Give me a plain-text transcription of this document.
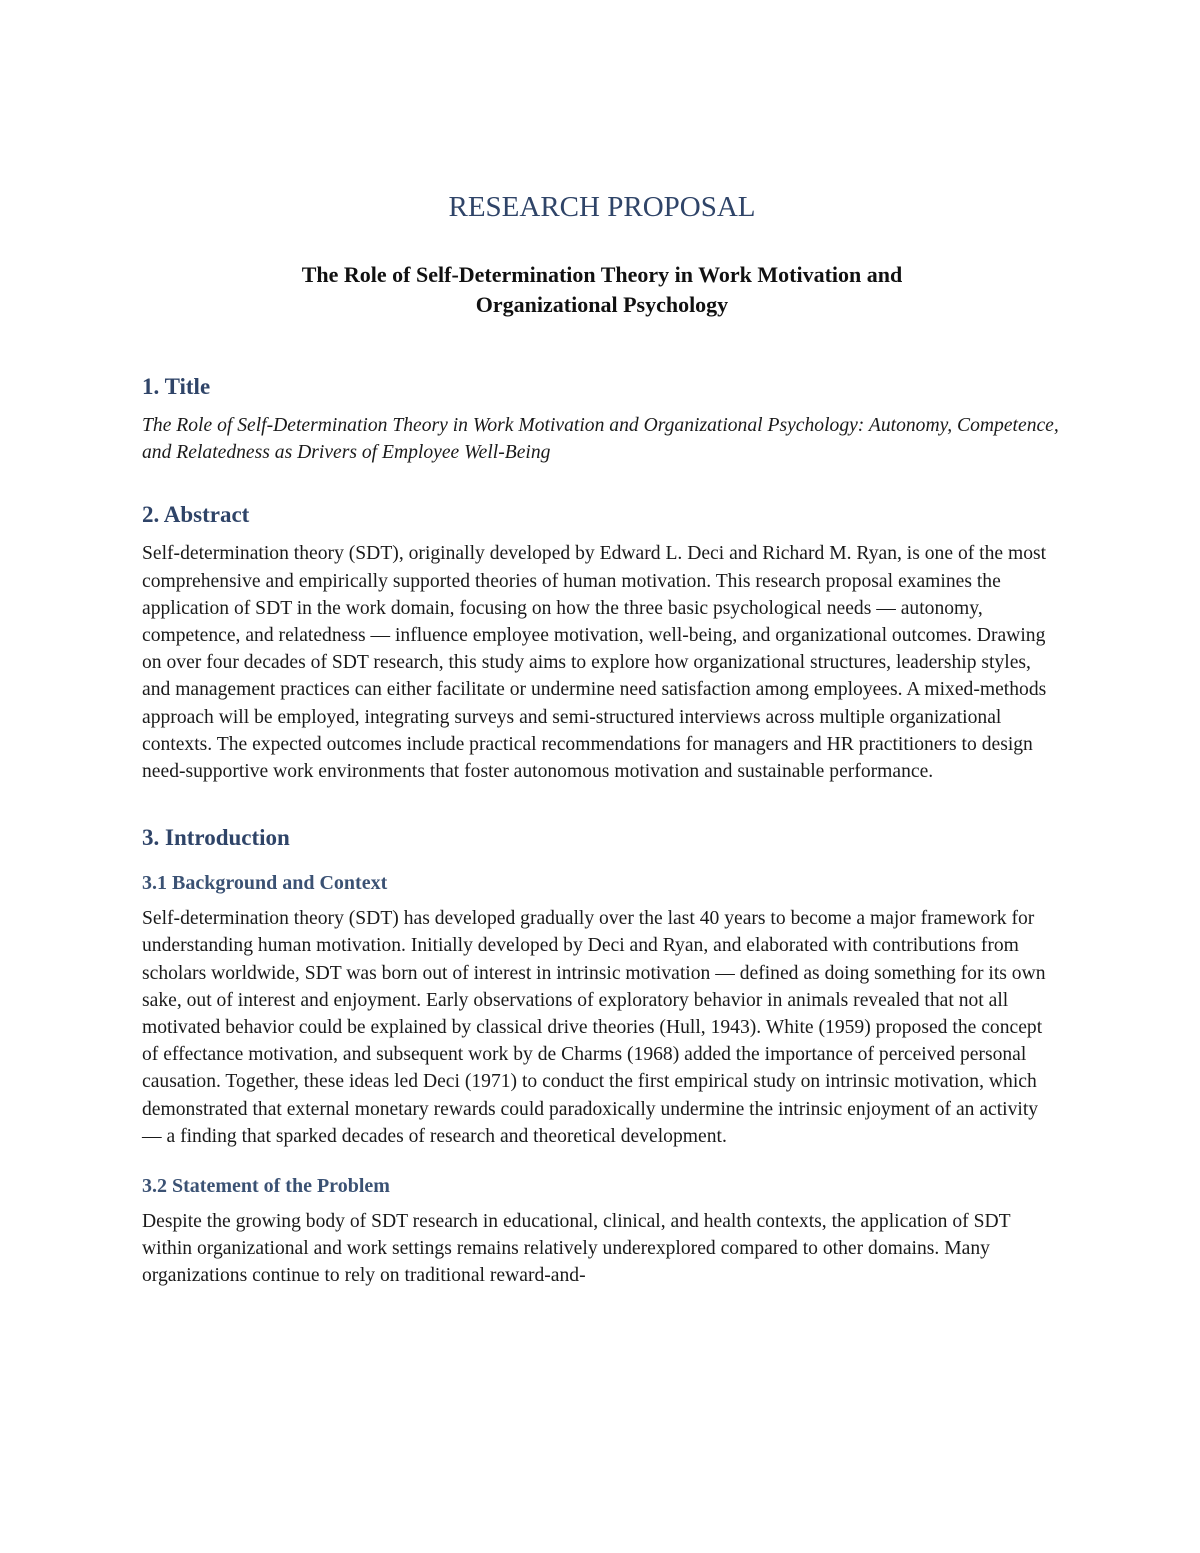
RESEARCH PROPOSAL
The Role of Self-Determination Theory in Work Motivation and
Organizational Psychology
1. Title

The Role of Self-Determination Theory in Work Motivation and Organizational Psychology: Autonomy, Competence, and Relatedness as Drivers of Employee Well-Being

2. Abstract

Self-determination theory (SDT), originally developed by Edward L. Deci and Richard M. Ryan, is one of the most comprehensive and empirically supported theories of human motivation. This research proposal examines the application of SDT in the work domain, focusing on how the three basic psychological needs — autonomy, competence, and relatedness — influence employee motivation, well-being, and organizational outcomes. Drawing on over four decades of SDT research, this study aims to explore how organizational structures, leadership styles, and management practices can either facilitate or undermine need satisfaction among employees. A mixed-methods approach will be employed, integrating surveys and semi-structured interviews across multiple organizational contexts. The expected outcomes include practical recommendations for managers and HR practitioners to design need-supportive work environments that foster autonomous motivation and sustainable performance.

3. Introduction
3.1 Background and Context

Self-determination theory (SDT) has developed gradually over the last 40 years to become a major framework for understanding human motivation. Initially developed by Deci and Ryan, and elaborated with contributions from scholars worldwide, SDT was born out of interest in intrinsic motivation — defined as doing something for its own sake, out of interest and enjoyment. Early observations of exploratory behavior in animals revealed that not all motivated behavior could be explained by classical drive theories (Hull, 1943). White (1959) proposed the concept of effectance motivation, and subsequent work by de Charms (1968) added the importance of perceived personal causation. Together, these ideas led Deci (1971) to conduct the first empirical study on intrinsic motivation, which demonstrated that external monetary rewards could paradoxically undermine the intrinsic enjoyment of an activity — a finding that sparked decades of research and theoretical development.

3.2 Statement of the Problem

Despite the growing body of SDT research in educational, clinical, and health contexts, the application of SDT within organizational and work settings remains relatively underexplored compared to other domains. Many organizations continue to rely on traditional reward-and-
